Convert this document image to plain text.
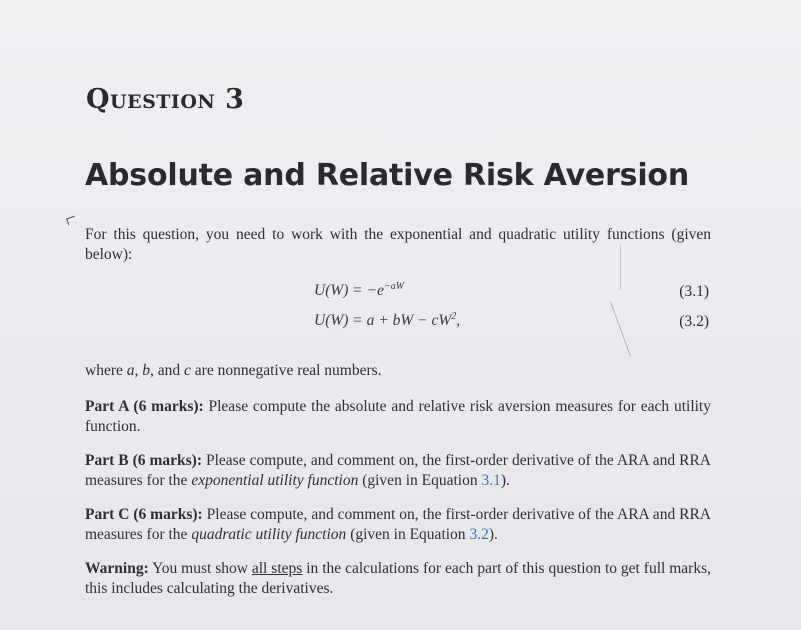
Question 3
Absolute and Relative Risk Aversion
For this question, you need to work with the exponential and quadratic utility functions (given below):
$U(W) = -e^{-aW}$	(3.1)
U(W) = a + bW − $cW^2$,	(3.2)
where a, b, and c are nonnegative real numbers.
Part A (6 marks): Please compute the absolute and relative risk aversion measures for each utility function.
Part B (6 marks): Please compute, and comment on, the first-order derivative of the ARA and RRA measures for the exponential utility function (given in Equation 3.1).
Part C (6 marks): Please compute, and comment on, the first-order derivative of the ARA and RRA measures for the quadratic utility function (given in Equation 3.2).
Warning: You must show all steps in the calculations for each part of this question to get full marks, this includes calculating the derivatives.
